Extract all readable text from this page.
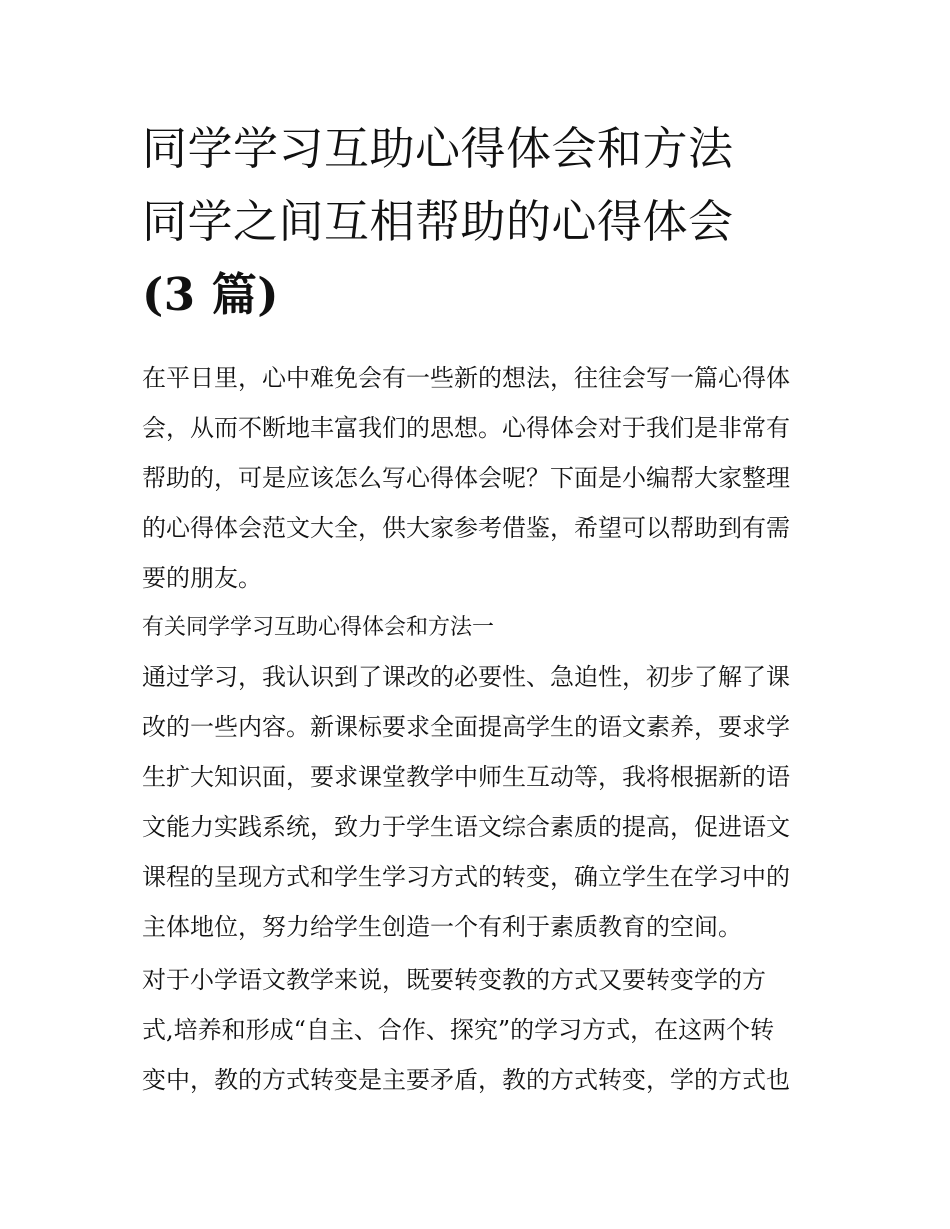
同学学习互助心得体会和方法
同学之间互相帮助的心得体会
(3 篇)

在平日里，心中难免会有一些新的想法，往往会写一篇心得体
会，从而不断地丰富我们的思想。心得体会对于我们是非常有
帮助的，可是应该怎么写心得体会呢？下面是小编帮大家整理
的心得体会范文大全，供大家参考借鉴，希望可以帮助到有需
要的朋友。

有关同学学习互助心得体会和方法一

通过学习，我认识到了课改的必要性、急迫性，初步了解了课
改的一些内容。新课标要求全面提高学生的语文素养，要求学
生扩大知识面，要求课堂教学中师生互动等，我将根据新的语
文能力实践系统，致力于学生语文综合素质的提高，促进语文
课程的呈现方式和学生学习方式的转变，确立学生在学习中的
主体地位，努力给学生创造一个有利于素质教育的空间。

对于小学语文教学来说，既要转变教的方式又要转变学的方
式,培养和形成“自主、合作、探究”的学习方式，在这两个转
变中，教的方式转变是主要矛盾，教的方式转变，学的方式也
